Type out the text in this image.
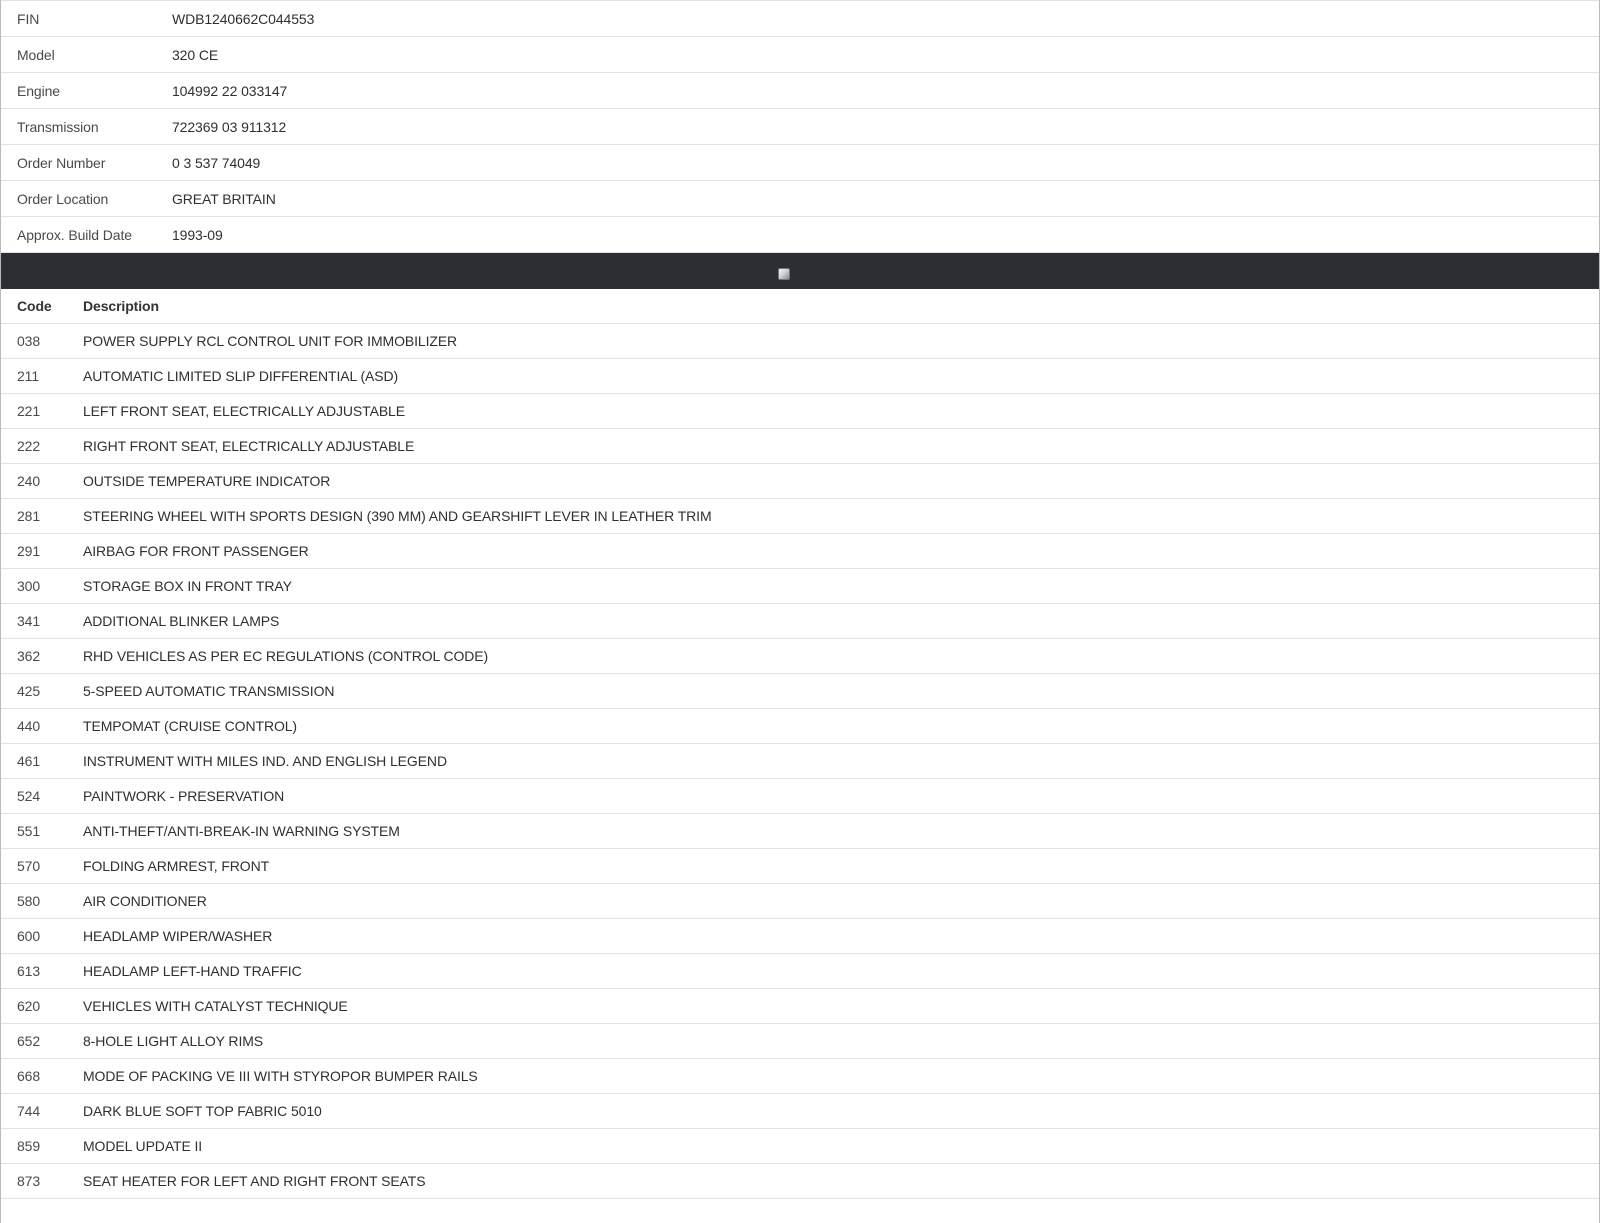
FIN	WDB1240662C044553
Model	320 CE
Engine	104992 22 033147
Transmission	722369 03 911312
Order Number	0 3 537 74049
Order Location	GREAT BRITAIN
Approx. Build Date	1993-09
Code	Description
038	POWER SUPPLY RCL CONTROL UNIT FOR IMMOBILIZER
211	AUTOMATIC LIMITED SLIP DIFFERENTIAL (ASD)
221	LEFT FRONT SEAT, ELECTRICALLY ADJUSTABLE
222	RIGHT FRONT SEAT, ELECTRICALLY ADJUSTABLE
240	OUTSIDE TEMPERATURE INDICATOR
281	STEERING WHEEL WITH SPORTS DESIGN (390 MM) AND GEARSHIFT LEVER IN LEATHER TRIM
291	AIRBAG FOR FRONT PASSENGER
300	STORAGE BOX IN FRONT TRAY
341	ADDITIONAL BLINKER LAMPS
362	RHD VEHICLES AS PER EC REGULATIONS (CONTROL CODE)
425	5-SPEED AUTOMATIC TRANSMISSION
440	TEMPOMAT (CRUISE CONTROL)
461	INSTRUMENT WITH MILES IND. AND ENGLISH LEGEND
524	PAINTWORK - PRESERVATION
551	ANTI-THEFT/ANTI-BREAK-IN WARNING SYSTEM
570	FOLDING ARMREST, FRONT
580	AIR CONDITIONER
600	HEADLAMP WIPER/WASHER
613	HEADLAMP LEFT-HAND TRAFFIC
620	VEHICLES WITH CATALYST TECHNIQUE
652	8-HOLE LIGHT ALLOY RIMS
668	MODE OF PACKING VE III WITH STYROPOR BUMPER RAILS
744	DARK BLUE SOFT TOP FABRIC 5010
859	MODEL UPDATE II
873	SEAT HEATER FOR LEFT AND RIGHT FRONT SEATS
